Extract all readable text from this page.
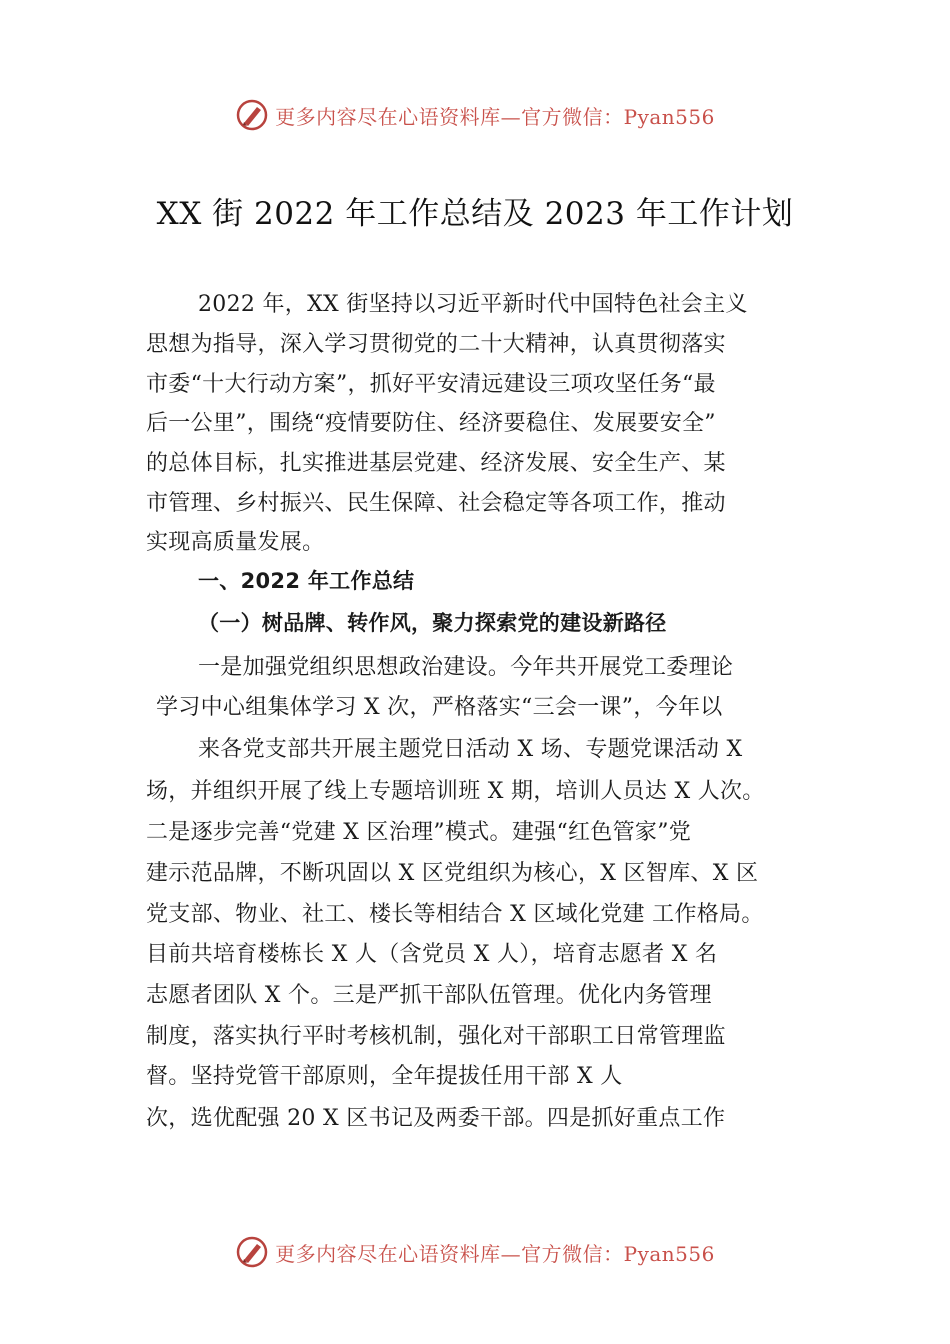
更多内容尽在心语资料库—官方微信：Pyan556
XX 街 2022 年工作总结及 2023 年工作计划
2022 年，XX 街坚持以习近平新时代中国特色社会主义
思想为指导，深入学习贯彻党的二十大精神，认真贯彻落实
市委“十大行动方案”，抓好平安清远建设三项攻坚任务“最
后一公里”，围绕“疫情要防住、经济要稳住、发展要安全”
的总体目标，扎实推进基层党建、经济发展、安全生产、某
市管理、乡村振兴、民生保障、社会稳定等各项工作，推动
实现高质量发展。
一、2022 年工作总结
（一）树品牌、转作风，聚力探索党的建设新路径
一是加强党组织思想政治建设。今年共开展党工委理论
学习中心组集体学习 X 次，严格落实“三会一课”，今年以
来各党支部共开展主题党日活动 X 场、专题党课活动 X
场，并组织开展了线上专题培训班 X 期，培训人员达 X 人次。
二是逐步完善“党建 X 区治理”模式。建强“红色管家”党
建示范品牌，不断巩固以 X 区党组织为核心，X 区智库、X 区
党支部、物业、社工、楼长等相结合 X 区域化党建 工作格局。
目前共培育楼栋长 X 人（含党员 X 人），培育志愿者 X 名
志愿者团队 X 个。三是严抓干部队伍管理。优化内务管理
制度，落实执行平时考核机制，强化对干部职工日常管理监
督。坚持党管干部原则，全年提拔任用干部 X 人
次，选优配强 20 X 区书记及两委干部。四是抓好重点工作
更多内容尽在心语资料库—官方微信：Pyan556
